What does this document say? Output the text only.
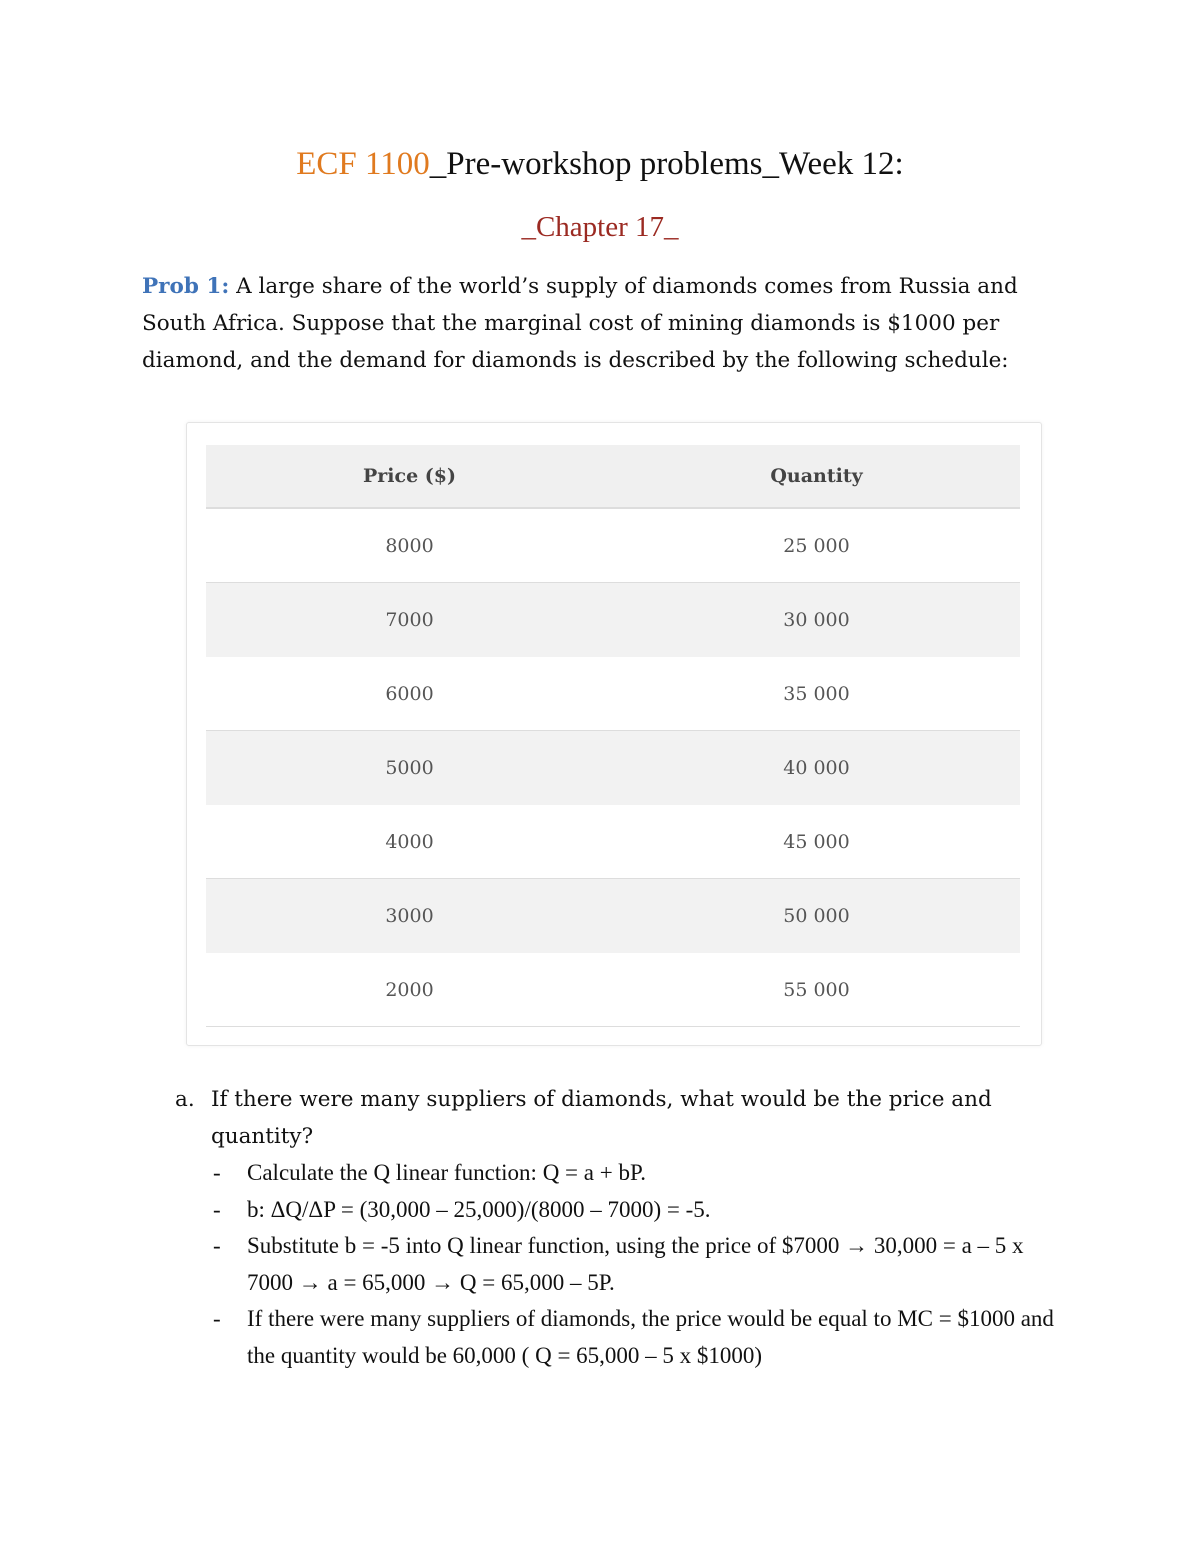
ECF 1100_Pre-workshop problems_Week 12:
_Chapter 17_
Prob 1: A large share of the world’s supply of diamonds comes from Russia and South Africa. Suppose that the marginal cost of mining diamonds is $1000 per diamond, and the demand for diamonds is described by the following schedule:
Price ($)	Quantity
8000	25 000
7000	30 000
6000	35 000
5000	40 000
4000	45 000
3000	50 000
2000	55 000
a. If there were many suppliers of diamonds, what would be the price and quantity?
- Calculate the Q linear function: Q = a + bP.
- b: ΔQ/ΔP = (30,000 – 25,000)/(8000 – 7000) = -5.
- Substitute b = -5 into Q linear function, using the price of $7000 → 30,000 = a – 5 x 7000 → a = 65,000 → Q = 65,000 – 5P.
- If there were many suppliers of diamonds, the price would be equal to MC = $1000 and the quantity would be 60,000 ( Q = 65,000 – 5 x $1000)
